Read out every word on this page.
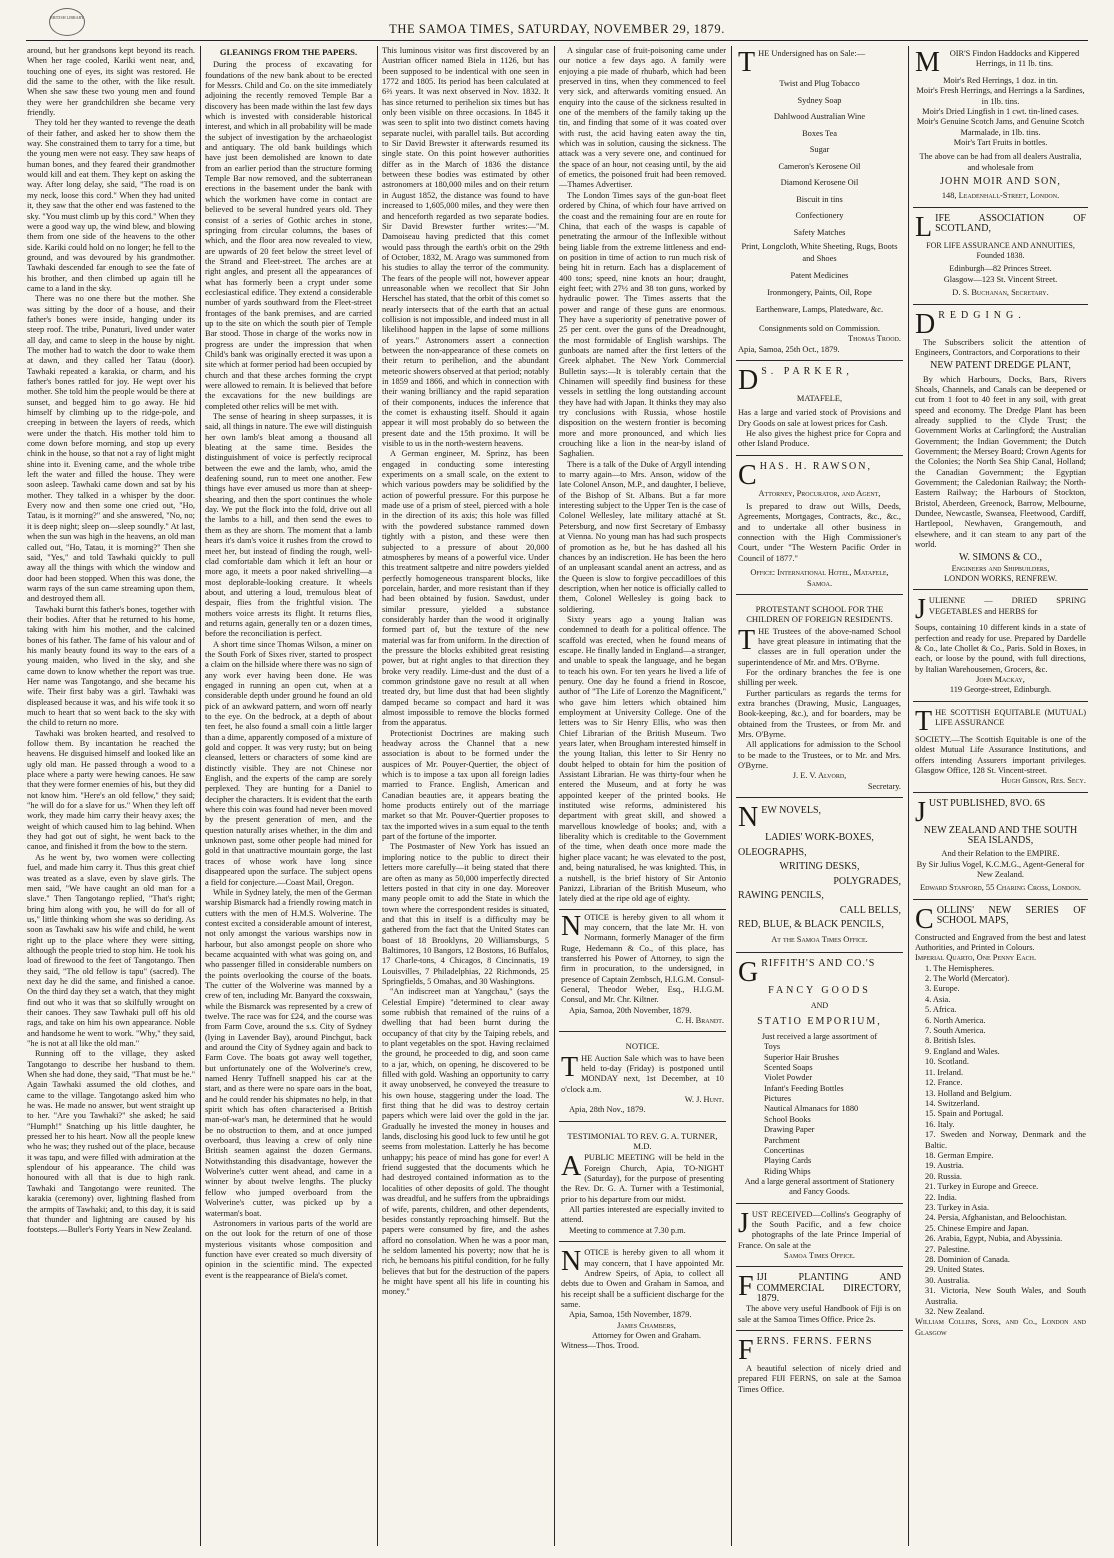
BRITISH LIBRARY
THE SAMOA TIMES, SATURDAY, NOVEMBER 29, 1879.

around, but her grandsons kept beyond its reach. When her rage cooled, Kariki went near, and, touching one of eyes, its sight was restored. He did the same to the other, with the like result. When she saw these two young men and found they were her grandchildren she became very friendly.

They told her they wanted to revenge the death of their father, and asked her to show them the way. She constrained them to tarry for a time, but the young men were not easy. They saw heaps of human bones, and they feared their grandmother would kill and eat them. They kept on asking the way. After long delay, she said, "The road is on my neck, loose this cord." When they had united it, they saw that the other end was fastened to the sky. "You must climb up by this cord." When they were a good way up, the wind blew, and blowing them from one side of the heavens to the other side. Kariki could hold on no longer; he fell to the ground, and was devoured by his grandmother. Tawhaki descended far enough to see the fate of his brother, and then climbed up again till he came to a land in the sky.

There was no one there but the mother. She was sitting by the door of a house, and their father's bones were inside, hanging under its steep roof. The tribe, Punaturi, lived under water all day, and came to sleep in the house by night. The mother had to watch the door to wake them at dawn, and they called her Tatau (door). Tawhaki repeated a karakia, or charm, and his father's bones rattled for joy. He wept over his mother. She told him the people would be there at sunset, and begged him to go away. He hid himself by climbing up to the ridge-pole, and creeping in between the layers of reeds, which were under the thatch. His mother told him to come down before morning, and stop up every chink in the house, so that not a ray of light might shine into it. Evening came, and the whole tribe left the water and filled the house. They were soon asleep. Tawhaki came down and sat by his mother. They talked in a whisper by the door. Every now and then some one cried out, "Ho, Tatau, is it morning?" and she answered, "No, no; it is deep night; sleep on—sleep soundly." At last, when the sun was high in the heavens, an old man called out, "Ho, Tatau, it is morning?" Then she said, "Yes," and told Tawhaki quickly to pull away all the things with which the window and door had been stopped. When this was done, the warm rays of the sun came streaming upon them, and destroyed them all.

Tawhaki burnt this father's bones, together with their bodies. After that he returned to his home, taking with him his mother, and the calcined bones of his father. The fame of his valour and of his manly beauty found its way to the ears of a young maiden, who lived in the sky, and she came down to know whether the report was true. Her name was Tangotango, and she became his wife. Their first baby was a girl. Tawhaki was displeased because it was, and his wife took it so much to heart that so went back to the sky with the child to return no more.

Tawhaki was broken hearted, and resolved to follow them. By incantation he reached the heavens. He disguised himself and looked like an ugly old man. He passed through a wood to a place where a party were hewing canoes. He saw that they were former enemies of his, but they did not know him. "Here's an old fellow," they said; "he will do for a slave for us." When they left off work, they made him carry their heavy axes; the weight of which caused him to lag behind. When they had got out of sight, he went back to the canoe, and finished it from the bow to the stern.

As he went by, two women were collecting fuel, and made him carry it. Thus this great chief was treated as a slave, even by slave girls. The men said, "We have caught an old man for a slave." Then Tangotango replied, "That's right; bring him along with you, he will do for all of us," little thinking whom she was so deriding. As soon as Tawhaki saw his wife and child, he went right up to the place where they were sitting, although the people tried to stop him. He took his load of firewood to the feet of Tangotango. Then they said, "The old fellow is tapu" (sacred). The next day he did the same, and finished a canoe. On the third day they set a watch, that they might find out who it was that so skilfully wrought on their canoes. They saw Tawhaki pull off his old rags, and take on him his own appearance. Noble and handsome he went to work. "Why," they said, "he is not at all like the old man."

Running off to the village, they asked Tangotango to describe her husband to them. When she had done, they said, "That must be he." Again Tawhaki assumed the old clothes, and came to the village. Tangotango asked him who he was. He made no answer, but went straight up to her. "Are you Tawhaki?" she asked; he said "Humph!" Snatching up his little daughter, he pressed her to his heart. Now all the people knew who he was; they rushed out of the place, because it was tapu, and were filled with admiration at the splendour of his appearance. The child was honoured with all that is due to high rank. Tawhaki and Tangotango were reunited. The karakia (ceremony) over, lightning flashed from the armpits of Tawhaki; and, to this day, it is said that thunder and lightning are caused by his footsteps.—Buller's Forty Years in New Zealand.

GLEANINGS FROM THE PAPERS.

During the process of excavating for foundations of the new bank about to be erected for Messrs. Child and Co. on the site immediately adjoining the recently removed Temple Bar a discovery has been made within the last few days which is invested with considerable historical interest, and which in all probability will be made the subject of investigation by the archaeologist and antiquary. The old bank buildings which have just been demolished are known to date from an earlier period than the structure forming Temple Bar now removed, and the subterranean erections in the basement under the bank with which the workmen have come in contact are believed to be several hundred years old. They consist of a series of Gothic arches in stone, springing from circular columns, the bases of which, and the floor area now revealed to view, are upwards of 20 feet below the street level of the Strand and Fleet-street. The arches are at right angles, and present all the appearances of what has formerly been a crypt under some ecclesiastical edifice. They extend a considerable number of yards southward from the Fleet-street frontages of the bank premises, and are carried up to the site on which the south pier of Temple Bar stood. Those in charge of the works now in progress are under the impression that when Child's bank was originally erected it was upon a site which at former period had been occupied by church and that these arches forming the crypt were allowed to remain. It is believed that before the excavations for the new buildings are completed other relics will be met with.

The sense of hearing in sheep surpasses, it is said, all things in nature. The ewe will distinguish her own lamb's bleat among a thousand all bleating at the same time. Besides the distinguishment of voice is perfectly reciprocal between the ewe and the lamb, who, amid the deafening sound, run to meet one another. Few things have ever amused us more than at sheep-shearing, and then the sport continues the whole day. We put the flock into the fold, drive out all the lambs to a hill, and then send the ewes to them as they are shorn. The moment that a lamb hears it's dam's voice it rushes from the crowd to meet her, but instead of finding the rough, well-clad comfortable dam which it left an hour or more ago, it meets a poor naked shrivelling—a most deplorable-looking creature. It wheels about, and uttering a loud, tremulous bleat of despair, flies from the frightful vision. The mothers voice arrests its flight. It returns flies, and returns again, generally ten or a dozen times, before the reconciliation is perfect.

A short time since Thomas Wilson, a miner on the South Fork of Sixes river, started to prospect a claim on the hillside where there was no sign of any work ever having been done. He was engaged in running an open cut, when at a considerable depth under ground he found an old pick of an awkward pattern, and worn off nearly to the eye. On the bedrock, at a depth of about ten feet, he also found a small coin a little larger than a dime, apparently composed of a mixture of gold and copper. It was very rusty; but on being cleansed, letters or characters of some kind are distinctly visible. They are not Chinese nor English, and the experts of the camp are sorely perplexed. They are hunting for a Daniel to decipher the characters. It is evident that the earth where this coin was found had never been moved by the present generation of men, and the question naturally arises whether, in the dim and unknown past, some other people had mined for gold in that unattractive mountain gorge, the last traces of whose work have long since disappeared upon the surface. The subject opens a field for conjecture.—Coast Mail, Oregon.

While in Sydney lately, the men of the German warship Bismarck had a friendly rowing match in cutters with the men of H.M.S. Wolverine. The contest excited a considerable amount of interest, not only amongst the various warships now in harbour, but also amongst people on shore who became acquainted with what was going on, and who passenger filled in considerable numbers on the points overlooking the course of the boats. The cutter of the Wolverine was manned by a crew of ten, including Mr. Banyard the coxswain, while the Bismarck was represented by a crew of twelve. The race was for £24, and the course was from Farm Cove, around the s.s. City of Sydney (lying in Lavender Bay), around Pinchgut, back and around the City of Sydney again and back to Farm Cove. The boats got away well together, but unfortunately one of the Wolverine's crew, named Henry Tuffnell snapped his car at the start, and as there were no spare oars in the boat, and he could render his shipmates no help, in that spirit which has often characterised a British man-of-war's man, he determined that he would be no obstruction to them, and at once jumped overboard, thus leaving a crew of only nine British seamen against the dozen Germans. Notwithstanding this disadvantage, however the Wolverine's cutter went ahead, and came in a winner by about twelve lengths. The plucky fellow who jumped overboard from the Wolverine's cutter, was picked up by a waterman's boat.

Astronomers in various parts of the world are on the out look for the return of one of those mysterious visitants whose composition and function have ever created so much diversity of opinion in the scientific mind. The expected event is the reappearance of Biela's comet.

This luminous visitor was first discovered by an Austrian officer named Biela in 1126, but has been supposed to be indentical with one seen in 1772 and 1805. Its period has been calculated at 6⅔ years. It was next observed in Nov. 1832. It has since returned to perihelion six times but has only been visible on three occasions. In 1845 it was seen to split into two distinct comets having separate nuclei, with parallel tails. But according to Sir David Brewster it afterwards resumed its single state. On this point however authorities differ as in the March of 1836 the distance between these bodies was estimated by other astronomers at 180,000 miles and on their return in August 1852, the distance was found to have increased to 1,605,000 miles, and they were then and henceforth regarded as two separate bodies. Sir David Brewster further writes:—"M. Damoiseau having predicted that this comet would pass through the earth's orbit on the 29th of October, 1832, M. Arago was summoned from his studies to allay the terror of the community. The fears of the people will not, however appear unreasonable when we recollect that Sir John Herschel has stated, that the orbit of this comet so nearly intersects that of the earth that an actual collision is not impossible, and indeed must in all likelihood happen in the lapse of some millions of years." Astronomers assert a connection between the non-appearance of these comets on their return to perihelion, and the abundant meteoric showers observed at that period; notably in 1859 and 1866, and which in connection with their waning brilliancy and the rapid separation of their components, induces the inference that the comet is exhausting itself. Should it again appear it will most probably do so between the present date and the 15th proximo. It will be visible to us in the north-western heavens.

A German engineer, M. Sprinz, has been engaged in conducting some interesting experiments on a small scale, on the extent to which various powders may be solidified by the action of powerful pressure. For this purpose he made use of a prism of steel, pierced with a hole in the direction of its axis; this hole was filled with the powdered substance rammed down tightly with a piston, and these were then subjected to a pressure of about 20,000 atmospheres by means of a powerful vice. Under this treatment saltpetre and nitre powders yielded perfectly homogeneous transparent blocks, like porcelain, harder, and more resistant than if they had been obtained by fusion. Sawdust, under similar pressure, yielded a substance considerably harder than the wood it originally formed part of, but the texture of the new material was far from uniform. In the direction of the pressure the blocks exhibited great resisting power, but at right angles to that direction they broke very readily. Lime-dust and the dust of a common grindstone gave no result at all when treated dry, but lime dust that had been slightly damped became so compact and hard it was almost impossible to remove the blocks formed from the apparatus.

Protectionist Doctrines are making such headway across the Channel that a new association is about to be formed under the auspices of Mr. Pouyer-Quertier, the object of which is to impose a tax upon all foreign ladies married to France. English, American and Canadian beauties are, it appears beating the home products entirely out of the marriage market so that Mr. Pouver-Quertier proposes to tax the imported wives in a sum equal to the tenth part of the fortune of the importer.

The Postmaster of New York has issued an imploring notice to the public to direct their letters more carefully—it being stated that there are often as many as 50,000 imperfectly directed letters posted in that city in one day. Moreover many people omit to add the State in which the town where the correspondent resides is situated, and that this in itself is a difficulty may be gathered from the fact that the United States can boast of 18 Brooklyns, 20 Williamsburgs, 5 Baltimores, 10 Bangors, 12 Bostons, 16 Buffalos, 17 Charle-tons, 4 Chicagos, 8 Cincinnatis, 19 Louisvilles, 7 Philadelphias, 22 Richmonds, 25 Springfields, 5 Omahas, and 30 Washingtons.

"An indiscreet man at Yangchau," (says the Celestial Empire) "determined to clear away some rubbish that remained of the ruins of a dwelling that had been burnt during the occupancy of that city by the Taiping rebels, and to plant vegetables on the spot. Having reclaimed the ground, he proceeded to dig, and soon came to a jar, which, on opening, he discovered to be filled with gold. Washing an opportunity to carry it away unobserved, he conveyed the treasure to his own house, staggering under the load. The first thing that he did was to destroy certain papers which were laid over the gold in the jar. Gradually he invested the money in houses and lands, disclosing his good luck to few until he got seems from molestation. Latterly he has become unhappy; his peace of mind has gone for ever! A friend suggested that the documents which he had destroyed contained information as to the localities of other deposits of gold. The thought was dreadful, and he suffers from the upbraidings of wife, parents, children, and other dependents, besides constantly reproaching himself. But the papers were consumed by fire, and the ashes afford no consolation. When he was a poor man, he seldom lamented his poverty; now that he is rich, he bemoans his pitiful condition, for he fully believes that but for the destruction of the papers he might have spent all his life in counting his money."

A singular case of fruit-poisoning came under our notice a few days ago. A family were enjoying a pie made of rhubarb, which had been preserved in tins, when they commenced to feel very sick, and afterwards vomiting ensued. An enquiry into the cause of the sickness resulted in one of the members of the family taking up the tin, and finding that some of it was coated over with rust, the acid having eaten away the tin, which was in solution, causing the sickness. The attack was a very severe one, and continued for the space of an hour, not ceasing until, by the aid of emetics, the poisoned fruit had been removed.—Thames Advertiser.

The London Times says of the gun-boat fleet ordered by China, of which four have arrived on the coast and the remaining four are en route for China, that each of the wasps is capable of penetrating the armour of the Inflexible without being liable from the extreme littleness and end-on position in time of action to run much risk of being hit in return. Each has a displacement of 400 tons; speed, nine knots an hour; draught, eight feet; with 27½ and 38 ton guns, worked by hydraulic power. The Times asserts that the power and range of these guns are enormous. They have a superiority of penetrative power of 25 per cent. over the guns of the Dreadnought, the most formidable of English warships. The gunboats are named after the first letters of the Greek alphabet. The New York Commercial Bulletin says:—It is tolerably certain that the Chinamen will speedily find business for these vessels in settling the long outstanding account they have had with Japan. It thinks they may also try conclusions with Russia, whose hostile disposition on the western frontier is becoming more and more pronounced, and which lies crouching like a lion in the near-by island of Saghalien.

There is a talk of the Duke of Argyll intending to marry again—to Mrs. Anson, widow of the late Colonel Anson, M.P., and daughter, I believe, of the Bishop of St. Albans. But a far more interesting subject to the Upper Ten is the case of Colonel Wellesley, late military attaché at St. Petersburg, and now first Secretary of Embassy at Vienna. No young man has had such prospects of promotion as he, but he has dashed all his chances by an indiscretion. He has been the hero of an unpleasant scandal anent an actress, and as the Queen is slow to forgive peccadilloes of this description, when her notice is officially called to them, Colonel Wellesley is going back to soldiering.

Sixty years ago a young Italian was condemned to death for a political offence. The scaffold was erected, when he found means of escape. He finally landed in England—a stranger, and unable to speak the language, and he began to teach his own. For ten years he lived a life of penury. One day he found a friend in Roscoe, author of "The Life of Lorenzo the Magnificent," who gave him letters which obtained him employment at University College. One of the letters was to Sir Henry Ellis, who was then Chief Librarian of the British Museum. Two years later, when Brougham interested himself in the young Italian, this letter to Sir Henry no doubt helped to obtain for him the position of Assistant Librarian. He was thirty-four when he entered the Museum, and at forty he was appointed keeper of the printed books. He instituted wise reforms, administered his department with great skill, and showed a marvellous knowledge of books; and, with a liberality which is creditable to the Government of the time, when death once more made the higher place vacant; he was elevated to the post, and, being naturalised, he was knighted. This, in a nutshell, is the brief history of Sir Antonio Panizzi, Librarian of the British Museum, who lately died at the ripe old age of eighty.

NOTICE is hereby given to all whom it may concern, that the late Mr. H. von Normann, formerly Manager of the firm Ruge, Hedemann & Co., of this place, has transferred his Power of Attorney, to sign the firm in procuration, to the undersigned, in presence of Captain Zembsch, H.I.G.M. Consul-General, Theodor Weber, Esq., H.I.G.M. Consul, and Mr. Chr. Kiltner.

Apia, Samoa, 20th November, 1879.

C. H. Brandt.

NOTICE.

THE Auction Sale which was to have been held to-day (Friday) is postponed until MONDAY next, 1st December, at 10 o'clock a.m.

W. J. Hunt.

Apia, 28th Nov., 1879.

TESTIMONIAL TO REV. G. A. TURNER, M.D.

APUBLIC MEETING will be held in the Foreign Church, Apia, TO-NIGHT (Saturday), for the purpose of presenting the Rev. Dr. G. A. Turner with a Testimonial, prior to his departure from our midst.

All parties interested are especially invited to attend.

Meeting to commence at 7.30 p.m.

NOTICE is hereby given to all whom it may concern, that I have appointed Mr. Andrew Speirs, of Apia, to collect all debts due to Owen and Graham in Samoa, and his receipt shall be a sufficient discharge for the same.

Apia, Samoa, 15th November, 1879.

James Chambers,

Attorney for Owen and Graham.

Witness—Thos. Trood.

THE Undersigned has on Sale:—

Twist and Plug Tobacco
Sydney Soap
Dahlwood Australian Wine
Boxes Tea
Sugar
Cameron's Kerosene Oil
Diamond Kerosene Oil
Biscuit in tins
Confectionery
Safety Matches
Print, Longcloth, White Sheeting, Rugs, Boots and Shoes
Patent Medicines
Ironmongery, Paints, Oil, Rope
Earthenware, Lamps, Platedware, &c.
Consignments sold on Commission.
Thomas Trood.
Apia, Samoa, 25th Oct., 1879.

D S. PARKER,

MATAFELE,

Has a large and varied stock of Provisions and Dry Goods on sale at lowest prices for Cash.

He also gives the highest price for Copra and other Island Produce.

CHAS. H. RAWSON,

Attorney, Procurator, and Agent,

Is prepared to draw out Wills, Deeds, Agreements, Mortgages, Contracts, &c., &c., and to undertake all other business in connection with the High Commissioner's Court, under "The Western Pacific Order in Council of 1877."

Office: International Hotel, Matafele, Samoa.
PROTESTANT SCHOOL FOR THE CHILDREN OF FOREIGN RESIDENTS.

THE Trustees of the above-named School have great pleasure in intimating that the classes are in full operation under the superintendence of Mr. and Mrs. O'Byrne.

For the ordinary branches the fee is one shilling per week.

Further particulars as regards the terms for extra branches (Drawing, Music, Languages, Book-keeping, &c.), and for boarders, may be obtained from the Trustees, or from Mr. and Mrs. O'Byrne.

All applications for admission to the School to be made to the Trustees, or to Mr. and Mrs. O'Byrne.

J. E. V. Alvord,
Secretary.
NEW NOVELS,
LADIES' WORK-BOXES,
OLEOGRAPHS,
WRITING DESKS,
POLYGRADES,
RAWING PENCILS,
CALL BELLS,
RED, BLUE, & BLACK PENCILS,
At the Samoa Times Office.
GRIFFITH'S AND CO.'S
FANCY GOODS
AND
STATIO EMPORIUM,
Just received a large assortment of
Toys
Superior Hair Brushes
Scented Soaps
Violet Powder
Infant's Feeding Bottles
Pictures
Nautical Almanacs for 1880
School Books
Drawing Paper
Parchment
Concertinas
Playing Cards
Riding Whips
And a large general assortment of Stationery and Fancy Goods.

JUST RECEIVED—Collins's Geography of the South Pacific, and a few choice photographs of the late Prince Imperial of France. On sale at the

Samoa Times Office.

FIJI PLANTING AND COMMERCIAL DIRECTORY, 1879.

The above very useful Handbook of Fiji is on sale at the Samoa Times Office. Price 2s.

FERNS. FERNS. FERNS

A beautiful selection of nicely dried and prepared FIJI FERNS, on sale at the Samoa Times Office.

M OIR'S Findon Haddocks and Kippered Herrings, in 11 lb. tins.

Moir's Red Herrings, 1 doz. in tin.

Moir's Fresh Herrings, and Herrings a la Sardines, in 1lb. tins.

Moir's Dried Lingfish in 1 cwt. tin-lined cases.

Moir's Genuine Scotch Jams, and Genuine Scotch Marmalade, in 1lb. tins.

Moir's Tart Fruits in bottles.

The above can be had from all dealers Australia, and wholesale from

JOHN MOIR AND SON,
148, Leadenhall-Street, London.

LIFE ASSOCIATION OF SCOTLAND,

FOR LIFE ASSURANCE AND ANNUITIES, Founded 1838.
Edinburgh—82 Princes Street.
Glasgow—123 St. Vincent Street.
D. S. Buchanan, Secretary.

DREDGING.

The Subscribers solicit the attention of Engineers, Contractors, and Corporations to their

NEW PATENT DREDGE PLANT,

By which Harbours, Docks, Bars, Rivers Shoals, Channels, and Canals can be deepened or cut from 1 foot to 40 feet in any soil, with great speed and economy. The Dredge Plant has been already supplied to the Clyde Trust; the Government Works at Carlingford; the Australian Government; the Indian Government; the Dutch Government; the Mersey Board; Crown Agents for the Colonies; the North Sea Ship Canal, Holland; the Canadian Government; the Egyptian Government; the Caledonian Railway; the North-Eastern Railway; the Harbours of Stockton, Bristol, Aberdeen, Greenock, Barrow, Melbourne, Dundee, Newcastle, Swansea, Fleetwood, Cardiff, Hartlepool, Newhaven, Grangemouth, and elsewhere, and it can steam to any part of the world.

W. SIMONS & CO.,
Engineers and Shipbuilders,
LONDON WORKS, RENFREW.

JULIENNE — DRIED SPRING VEGETABLES and HERBS for

Soups, containing 10 different kinds in a state of perfection and ready for use. Prepared by Dardelle & Co., late Chollet & Co., Paris. Sold in Boxes, in each, or loose by the pound, with full directions, by Italian Warehousemen, Grocers, &c.

John Mackay,
119 George-street, Edinburgh.

THE SCOTTISH EQUITABLE (MUTUAL) LIFE ASSURANCE

SOCIETY.—The Scottish Equitable is one of the oldest Mutual Life Assurance Institutions, and offers intending Assurers important privileges. Glasgow Office, 128 St. Vincent-street.

Hugh Gibson, Res. Secy.

JUST PUBLISHED, 8VO. 6S

NEW ZEALAND AND THE SOUTH SEA ISLANDS,
And their Relation to the EMPIRE.
By Sir Julius Vogel, K.C.M.G., Agent-General for New Zealand.
Edward Stanford, 55 Charing Cross, London.

COLLINS' NEW SERIES OF SCHOOL MAPS,

Constructed and Engraved from the best and latest Authorities, and Printed in Colours.

Imperial Quarto, One Penny Each.
1. The Hemispheres.
2. The World (Mercator).
3. Europe.
4. Asia.
5. Africa.
6. North America.
7. South America.
8. British Isles.
9. England and Wales.
10. Scotland.
11. Ireland.
12. France.
13. Holland and Belgium.
14. Switzerland.
15. Spain and Portugal.
16. Italy.
17. Sweden and Norway, Denmark and the Baltic.
18. German Empire.
19. Austria.
20. Russia.
21. Turkey in Europe and Greece.
22. India.
23. Turkey in Asia.
24. Persia, Afghanistan, and Beloochistan.
25. Chinese Empire and Japan.
26. Arabia, Egypt, Nubia, and Abyssinia.
27. Palestine.
28. Dominion of Canada.
29. United States.
30. Australia.
31. Victoria, New South Wales, and South Australia.
32. New Zealand.
William Collins, Sons, and Co., London and Glasgow
